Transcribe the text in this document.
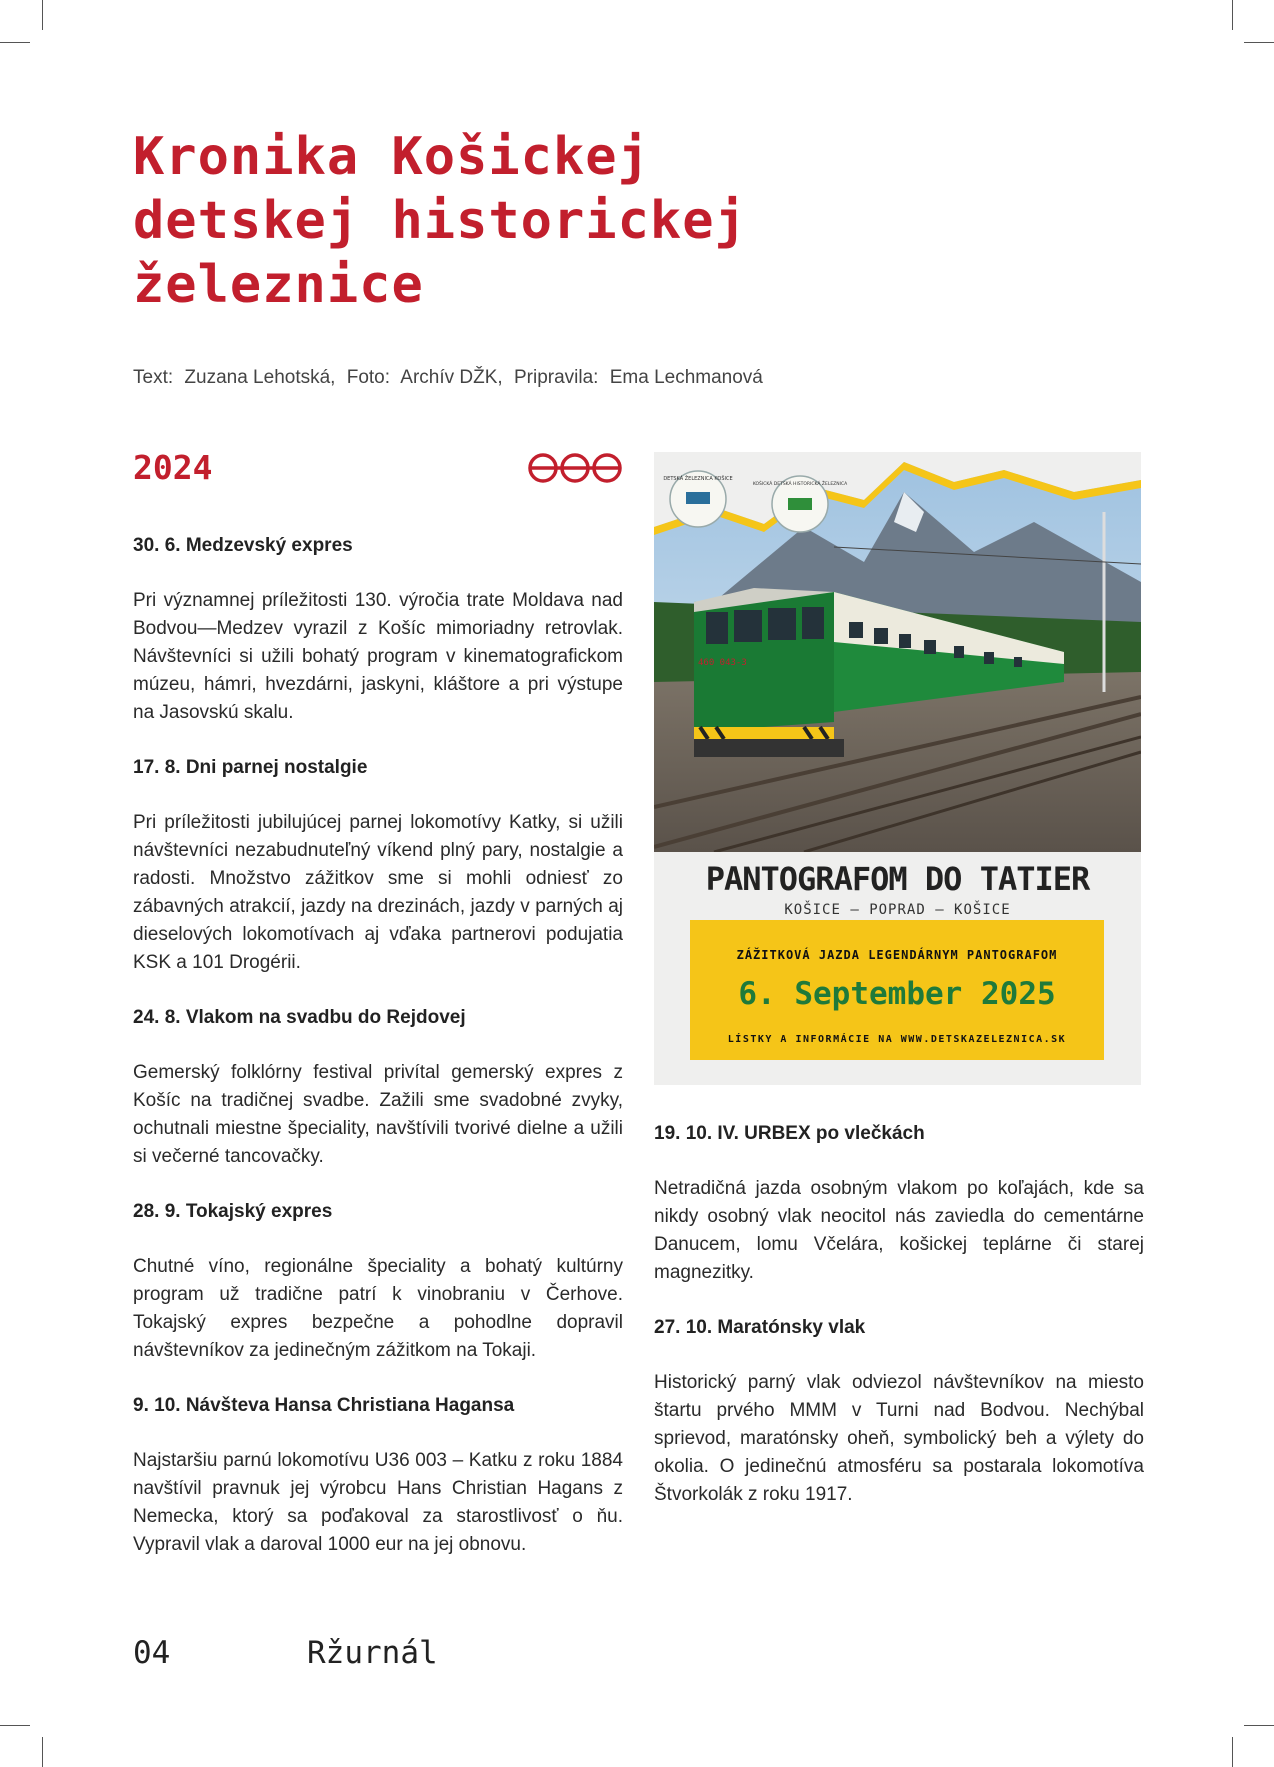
Kronika Košickej
detskej historickej
železnice
Text: Zuzana Lehotská, Foto: Archív DŽK, Pripravila: Ema Lechmanová
2024
30. 6. Medzevský expres

Pri významnej príležitosti 130. výročia trate Moldava nad Bodvou—Medzev vyrazil z Košíc mimoriadny retrovlak. Návštevníci si užili bohatý program v kinematografickom múzeu, hámri, hvezdárni, jaskyni, kláštore a pri výstupe na Jasovskú skalu.

17. 8. Dni parnej nostalgie

Pri príležitosti jubilujúcej parnej lokomotívy Katky, si užili návštevníci nezabudnuteľný víkend plný pary, nostalgie a radosti. Množstvo zážitkov sme si mohli odniesť zo zábavných atrakcií, jazdy na drezinách, jazdy v parných aj dieselových lokomotívach aj vďaka partnerovi podujatia KSK a 101 Drogérii.

24. 8. Vlakom na svadbu do Rejdovej

Gemerský folklórny festival privítal gemerský expres z Košíc na tradičnej svadbe. Zažili sme svadobné zvyky, ochutnali miestne špeciality, navštívili tvorivé dielne a užili si večerné tancovačky.

28. 9. Tokajský expres

Chutné víno, regionálne špeciality a bohatý kultúrny program už tradične patrí k vinobraniu v Čerhove. Tokajský expres bezpečne a pohodlne dopravil návštevníkov za jedinečným zážitkom na Tokaji.

9. 10. Návšteva Hansa Christiana Hagansa

Najstaršiu parnú lokomotívu U36 003 – Katku z roku 1884 navštívil pravnuk jej výrobcu Hans Christian Hagans z Nemecka, ktorý sa poďakoval za starostlivosť o ňu. Vypravil vlak a daroval 1000 eur na jej obnovu.

460 043-3
DETSKÁ ŽELEZNICA KOŠICE
KOŠICKÁ DETSKÁ HISTORICKÁ ŽELEZNICA
PANTOGRAFOM DO TATIER
KOŠICE – POPRAD – KOŠICE
ZÁŽITKOVÁ JAZDA LEGENDÁRNYM PANTOGRAFOM
6. September 2025
LÍSTKY A INFORMÁCIE NA WWW.DETSKAZELEZNICA.SK
19. 10. IV. URBEX po vlečkách

Netradičná jazda osobným vlakom po koľajách, kde sa nikdy osobný vlak neocitol nás zaviedla do cementárne Danucem, lomu Včelára, košickej teplárne či starej magnezitky.

27. 10. Maratónsky vlak

Historický parný vlak odviezol návštevníkov na miesto štartu prvého MMM v Turni nad Bodvou. Nechýbal sprievod, maratónsky oheň, symbolický beh a výlety do okolia. O jedinečnú atmosféru sa postarala lokomotíva Štvorkolák z roku 1917.

04	Ržurnál
